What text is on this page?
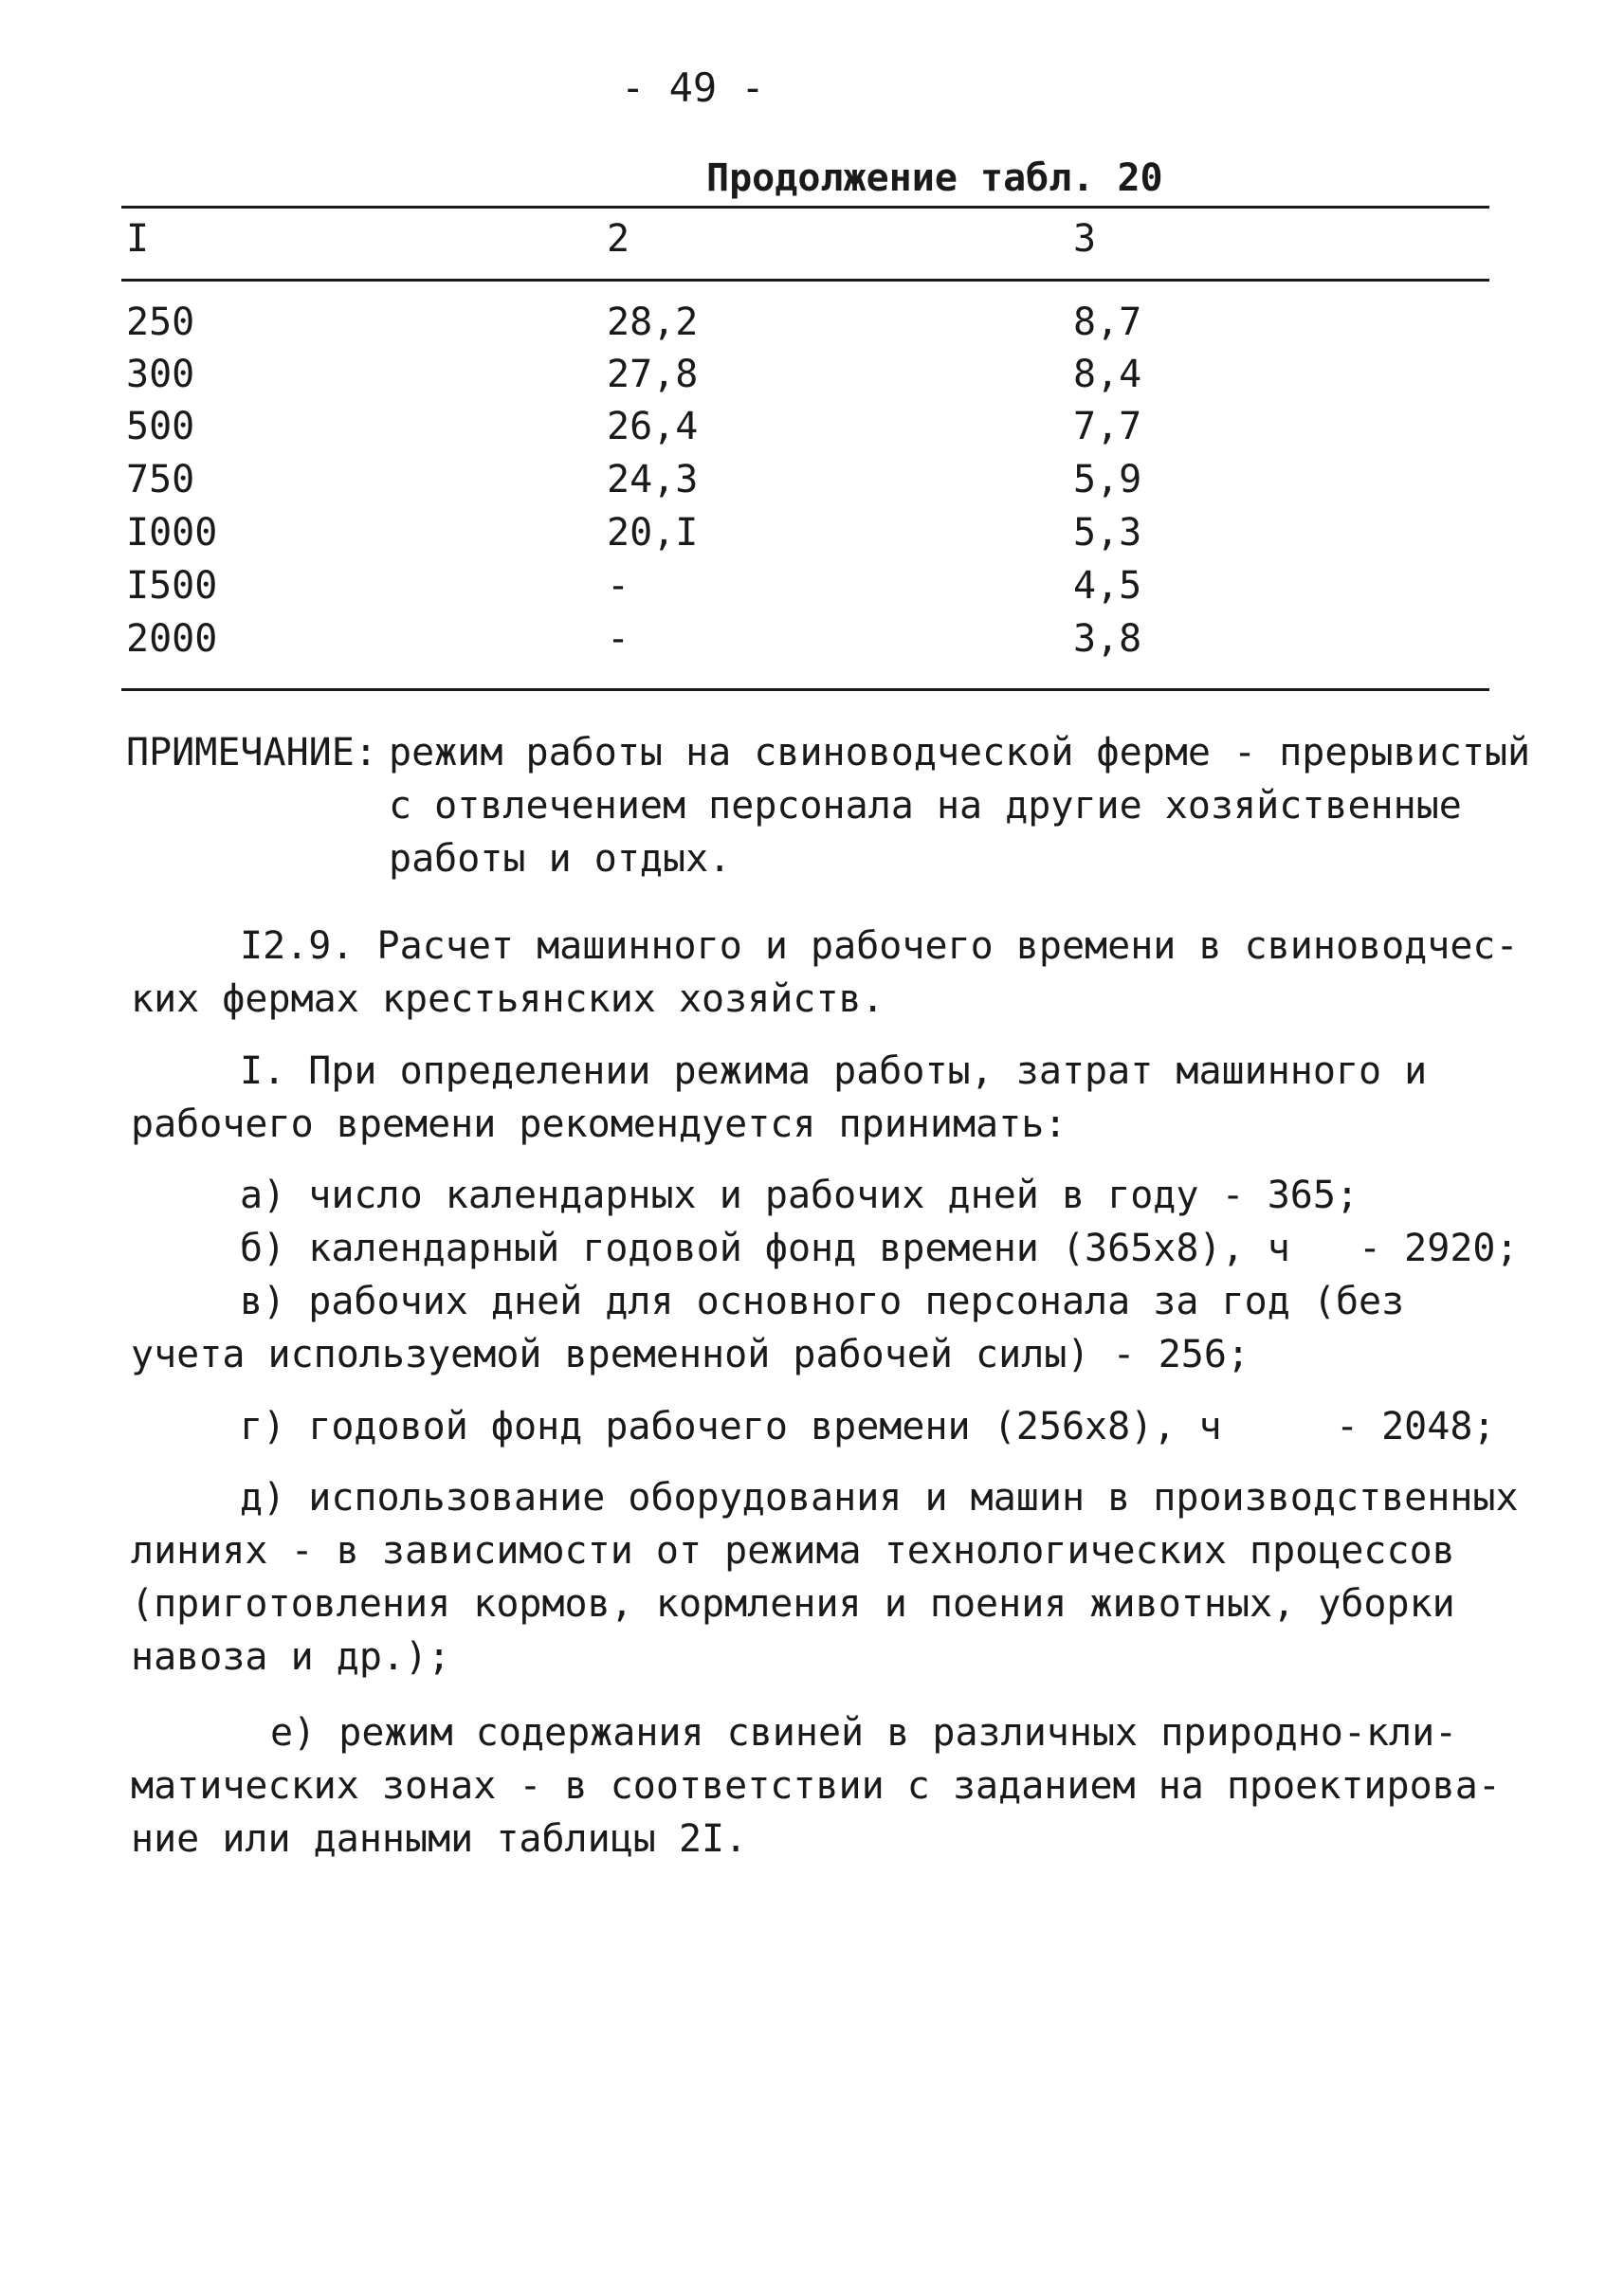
- 49 -
Продолжение табл. 20
I	2	3
250	28,2	8,7
300	27,8	8,4
500	26,4	7,7
750	24,3	5,9
I000	20,I	5,3
I500	-	4,5
2000	-	3,8
ПРИМЕЧАНИЕ: режим работы на свиноводческой ферме - прерывистый
с отвлечением персонала на другие хозяйственные
работы и отдых.
I2.9. Расчет машинного и рабочего времени в свиноводчес-
ких фермах крестьянских хозяйств.
I. При определении режима работы, затрат машинного и
рабочего времени рекомендуется принимать:
а) число календарных и рабочих дней в году - 365;
б) календарный годовой фонд времени (365х8), ч   - 2920;
в) рабочих дней для основного персонала за год (без
учета используемой временной рабочей силы) - 256;
г) годовой фонд рабочего времени (256х8), ч     - 2048;
д) использование оборудования и машин в производственных
линиях - в зависимости от режима технологических процессов
(приготовления кормов, кормления и поения животных, уборки
навоза и др.);
е) режим содержания свиней в различных природно-кли-
матических зонах - в соответствии с заданием на проектирова-
ние или данными таблицы 2I.
